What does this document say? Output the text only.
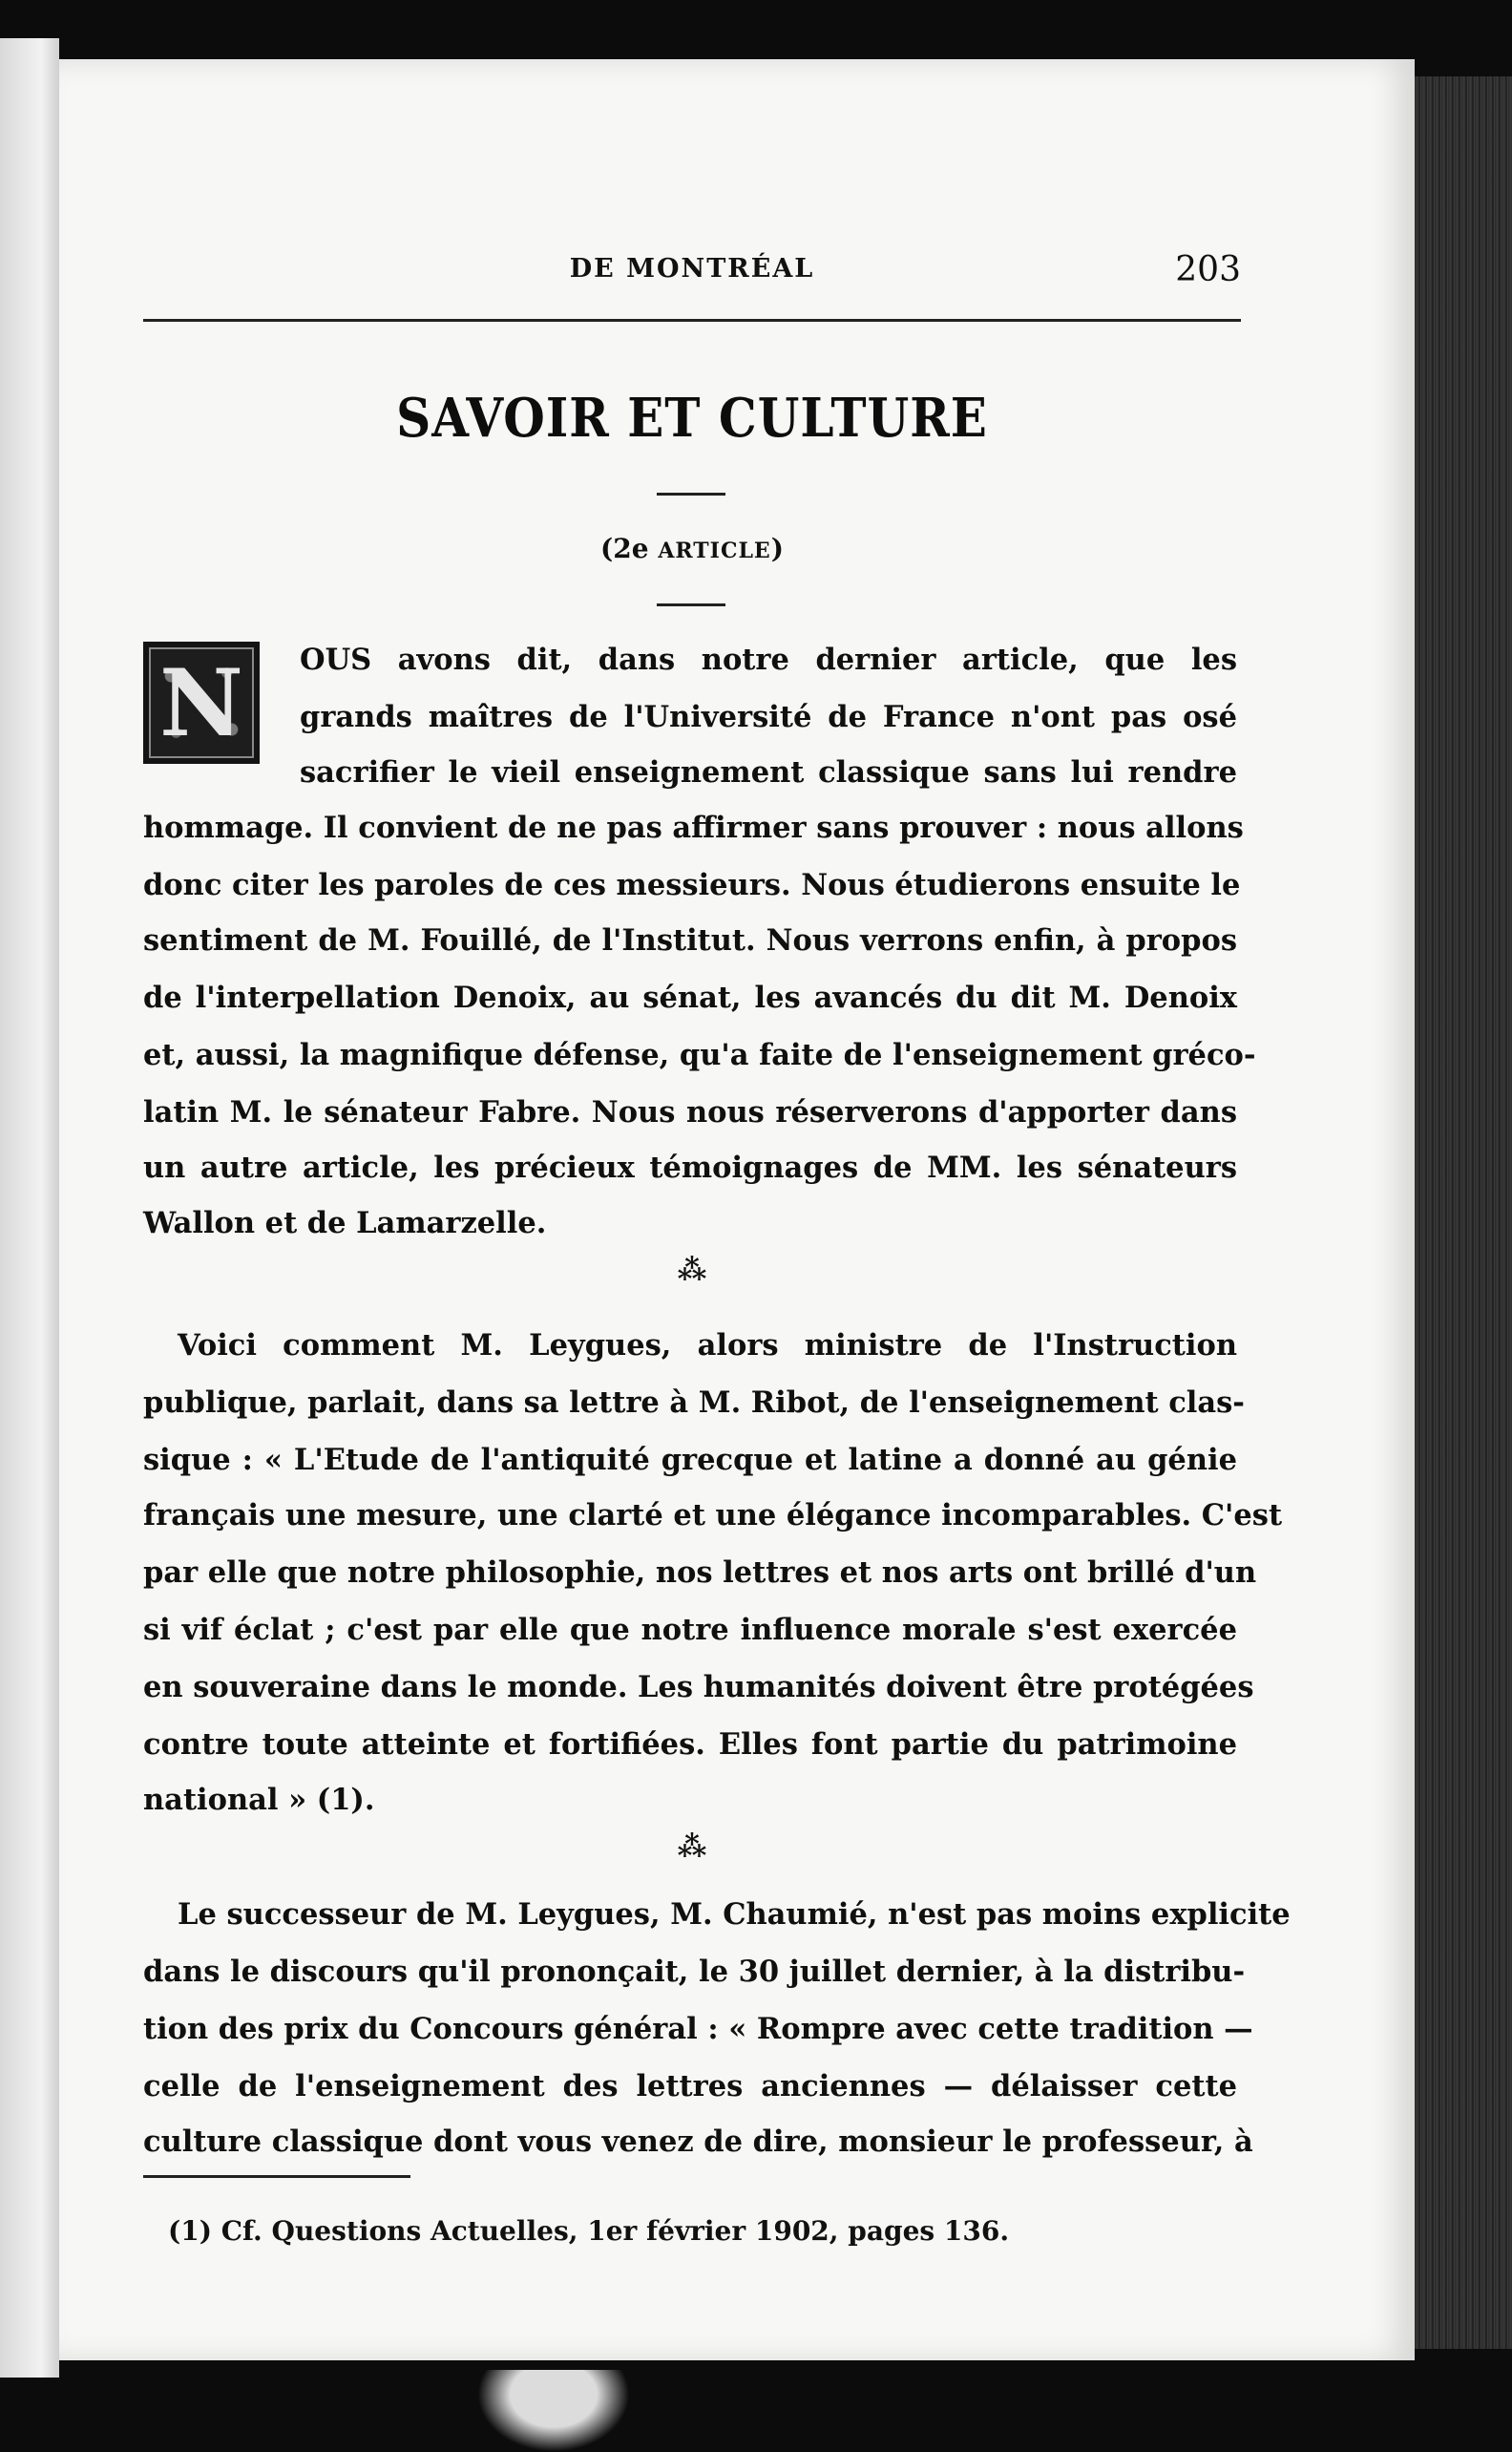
DE MONTRÉAL	203
SAVOIR ET CULTURE
(2e ARTICLE)
N	OUS avons dit, dans notre dernier article, que les
grands maîtres de l'Université de France n'ont pas osé
sacrifier le vieil enseignement classique sans lui rendre
hommage. Il convient de ne pas affirmer sans prouver : nous allons
donc citer les paroles de ces messieurs. Nous étudierons ensuite le
sentiment de M. Fouillé, de l'Institut. Nous verrons enfin, à propos
de l'interpellation Denoix, au sénat, les avancés du dit M. Denoix
et, aussi, la magnifique défense, qu'a faite de l'enseignement gréco-
latin M. le sénateur Fabre. Nous nous réserverons d'apporter dans
un autre article, les précieux témoignages de MM. les sénateurs
Wallon et de Lamarzelle.
⁂
Voici comment M. Leygues, alors ministre de l'Instruction
publique, parlait, dans sa lettre à M. Ribot, de l'enseignement clas-
sique : « L'Etude de l'antiquité grecque et latine a donné au génie
français une mesure, une clarté et une élégance incomparables. C'est
par elle que notre philosophie, nos lettres et nos arts ont brillé d'un
si vif éclat ; c'est par elle que notre influence morale s'est exercée
en souveraine dans le monde. Les humanités doivent être protégées
contre toute atteinte et fortifiées. Elles font partie du patrimoine
national » (1).
⁂
Le successeur de M. Leygues, M. Chaumié, n'est pas moins explicite
dans le discours qu'il prononçait, le 30 juillet dernier, à la distribu-
tion des prix du Concours général : « Rompre avec cette tradition —
celle de l'enseignement des lettres anciennes — délaisser cette
culture classique dont vous venez de dire, monsieur le professeur, à
(1) Cf. Questions Actuelles, 1er février 1902, pages 136.
